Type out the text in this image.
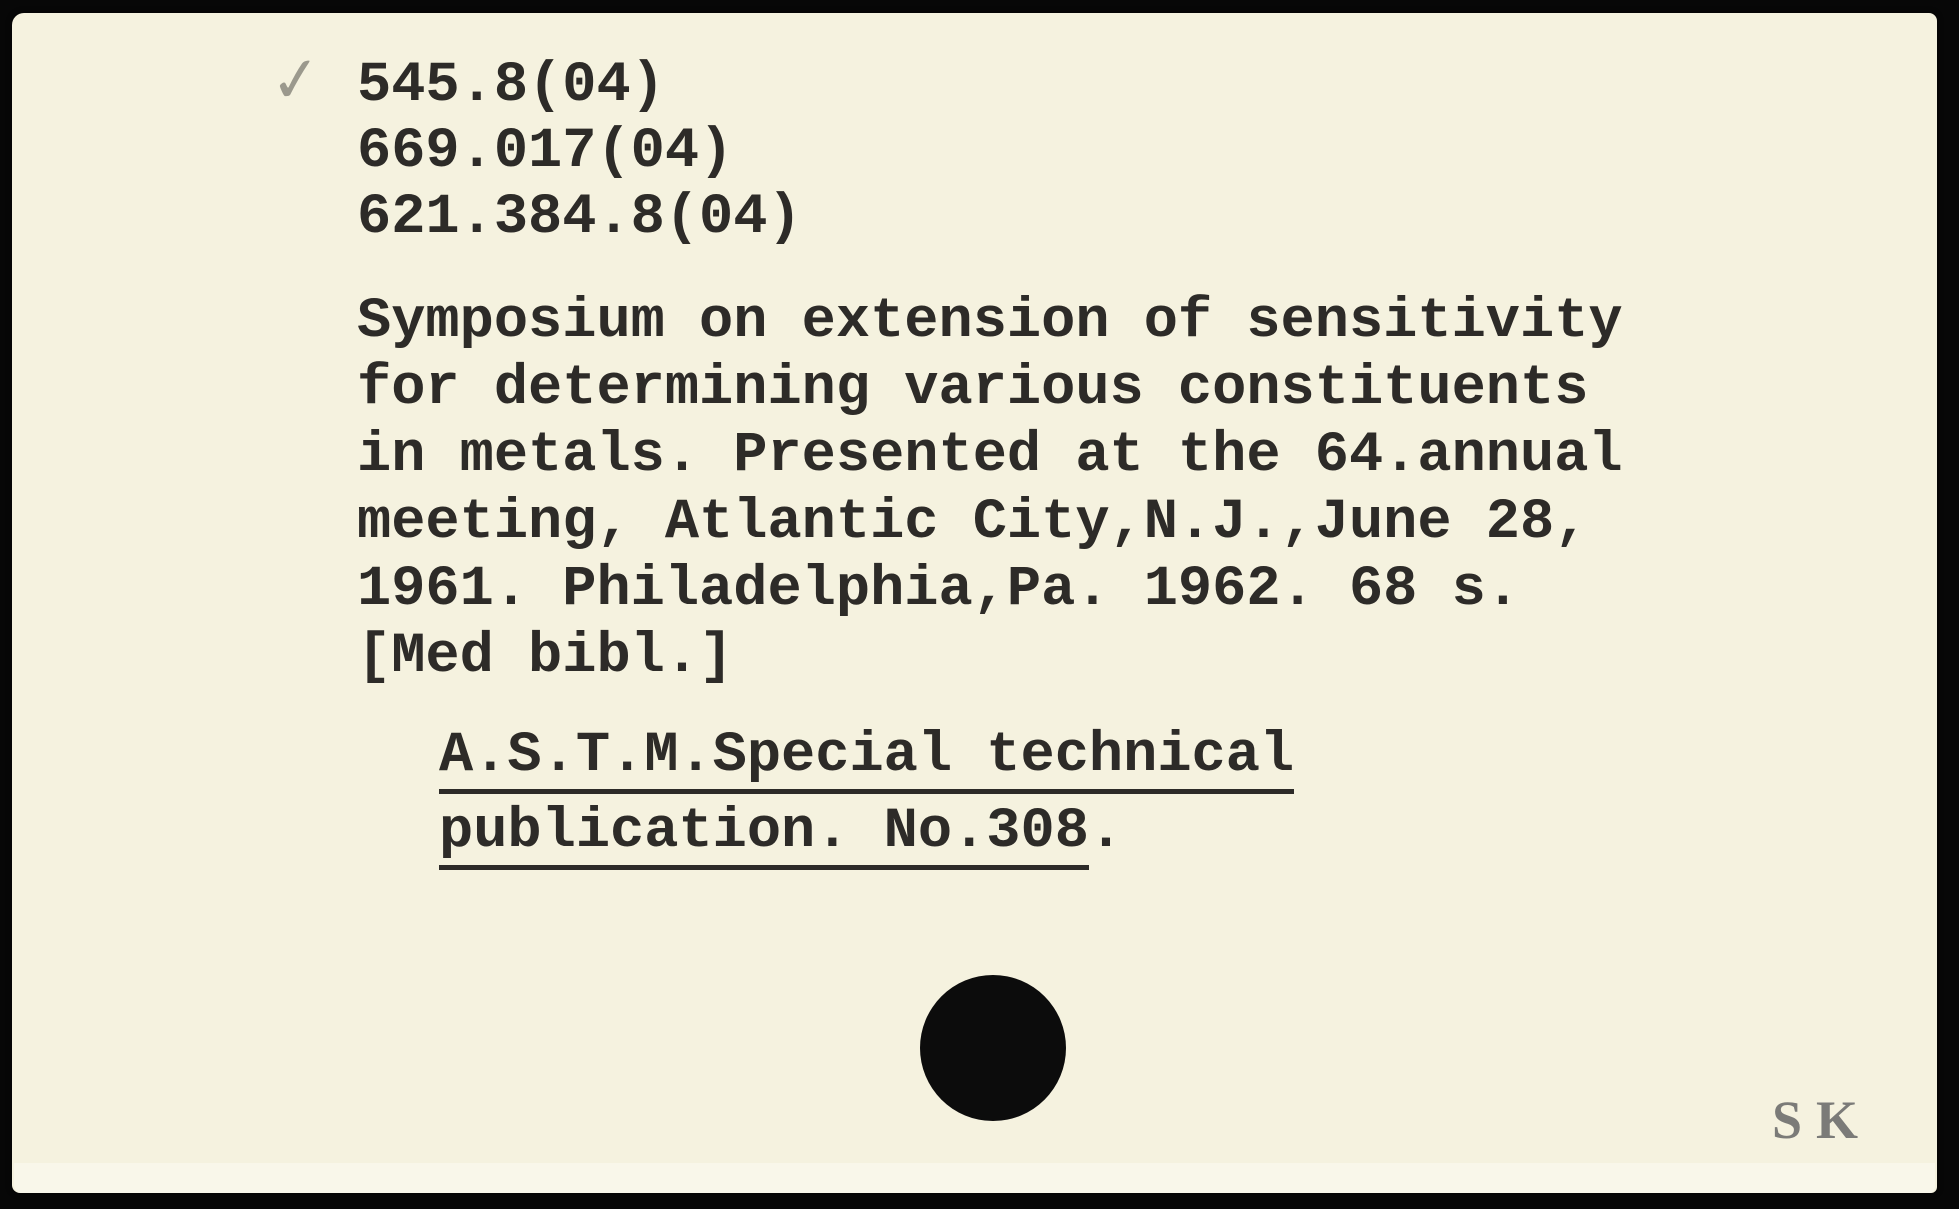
✓ 545.8(04)
669.017(04)
621.384.8(04)
Symposium on extension of sensitivity
for determining various constituents
in metals. Presented at the 64.annual
meeting, Atlantic City,N.J.,June 28,
1961. Philadelphia,Pa. 1962. 68 s.
[Med bibl.]
A.S.T.M.Special technical
publication. No.308.
SK
